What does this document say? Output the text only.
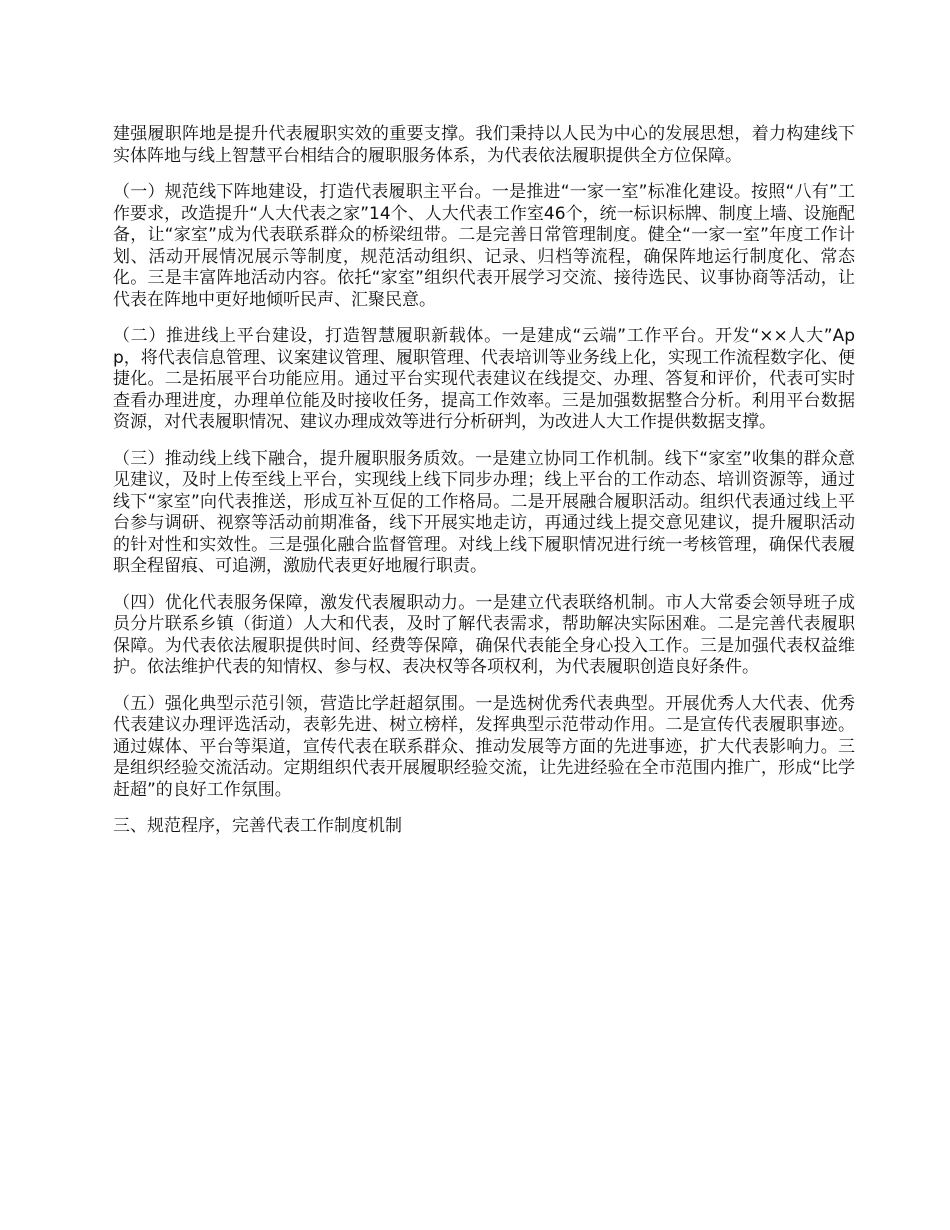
建强履职阵地是提升代表履职实效的重要支撑。我们秉持以人民为中心的发展思想，着力构建线下实体阵地与线上智慧平台相结合的履职服务体系，为代表依法履职提供全方位保障。

（一）规范线下阵地建设，打造代表履职主平台。一是推进“一家一室”标准化建设。按照“八有”工作要求，改造提升“人大代表之家”14个、人大代表工作室46个，统一标识标牌、制度上墙、设施配备，让“家室”成为代表联系群众的桥梁纽带。二是完善日常管理制度。健全“一家一室”年度工作计划、活动开展情况展示等制度，规范活动组织、记录、归档等流程，确保阵地运行制度化、常态化。三是丰富阵地活动内容。依托“家室”组织代表开展学习交流、接待选民、议事协商等活动，让代表在阵地中更好地倾听民声、汇聚民意。

（二）推进线上平台建设，打造智慧履职新载体。一是建成“云端”工作平台。开发“××人大”App，将代表信息管理、议案建议管理、履职管理、代表培训等业务线上化，实现工作流程数字化、便捷化。二是拓展平台功能应用。通过平台实现代表建议在线提交、办理、答复和评价，代表可实时查看办理进度，办理单位能及时接收任务，提高工作效率。三是加强数据整合分析。利用平台数据资源，对代表履职情况、建议办理成效等进行分析研判，为改进人大工作提供数据支撑。

（三）推动线上线下融合，提升履职服务质效。一是建立协同工作机制。线下“家室”收集的群众意见建议，及时上传至线上平台，实现线上线下同步办理；线上平台的工作动态、培训资源等，通过线下“家室”向代表推送，形成互补互促的工作格局。二是开展融合履职活动。组织代表通过线上平台参与调研、视察等活动前期准备，线下开展实地走访，再通过线上提交意见建议，提升履职活动的针对性和实效性。三是强化融合监督管理。对线上线下履职情况进行统一考核管理，确保代表履职全程留痕、可追溯，激励代表更好地履行职责。

（四）优化代表服务保障，激发代表履职动力。一是建立代表联络机制。市人大常委会领导班子成员分片联系乡镇（街道）人大和代表，及时了解代表需求，帮助解决实际困难。二是完善代表履职保障。为代表依法履职提供时间、经费等保障，确保代表能全身心投入工作。三是加强代表权益维护。依法维护代表的知情权、参与权、表决权等各项权利，为代表履职创造良好条件。

（五）强化典型示范引领，营造比学赶超氛围。一是选树优秀代表典型。开展优秀人大代表、优秀代表建议办理评选活动，表彰先进、树立榜样，发挥典型示范带动作用。二是宣传代表履职事迹。通过媒体、平台等渠道，宣传代表在联系群众、推动发展等方面的先进事迹，扩大代表影响力。三是组织经验交流活动。定期组织代表开展履职经验交流，让先进经验在全市范围内推广，形成“比学赶超”的良好工作氛围。

三、规范程序，完善代表工作制度机制
